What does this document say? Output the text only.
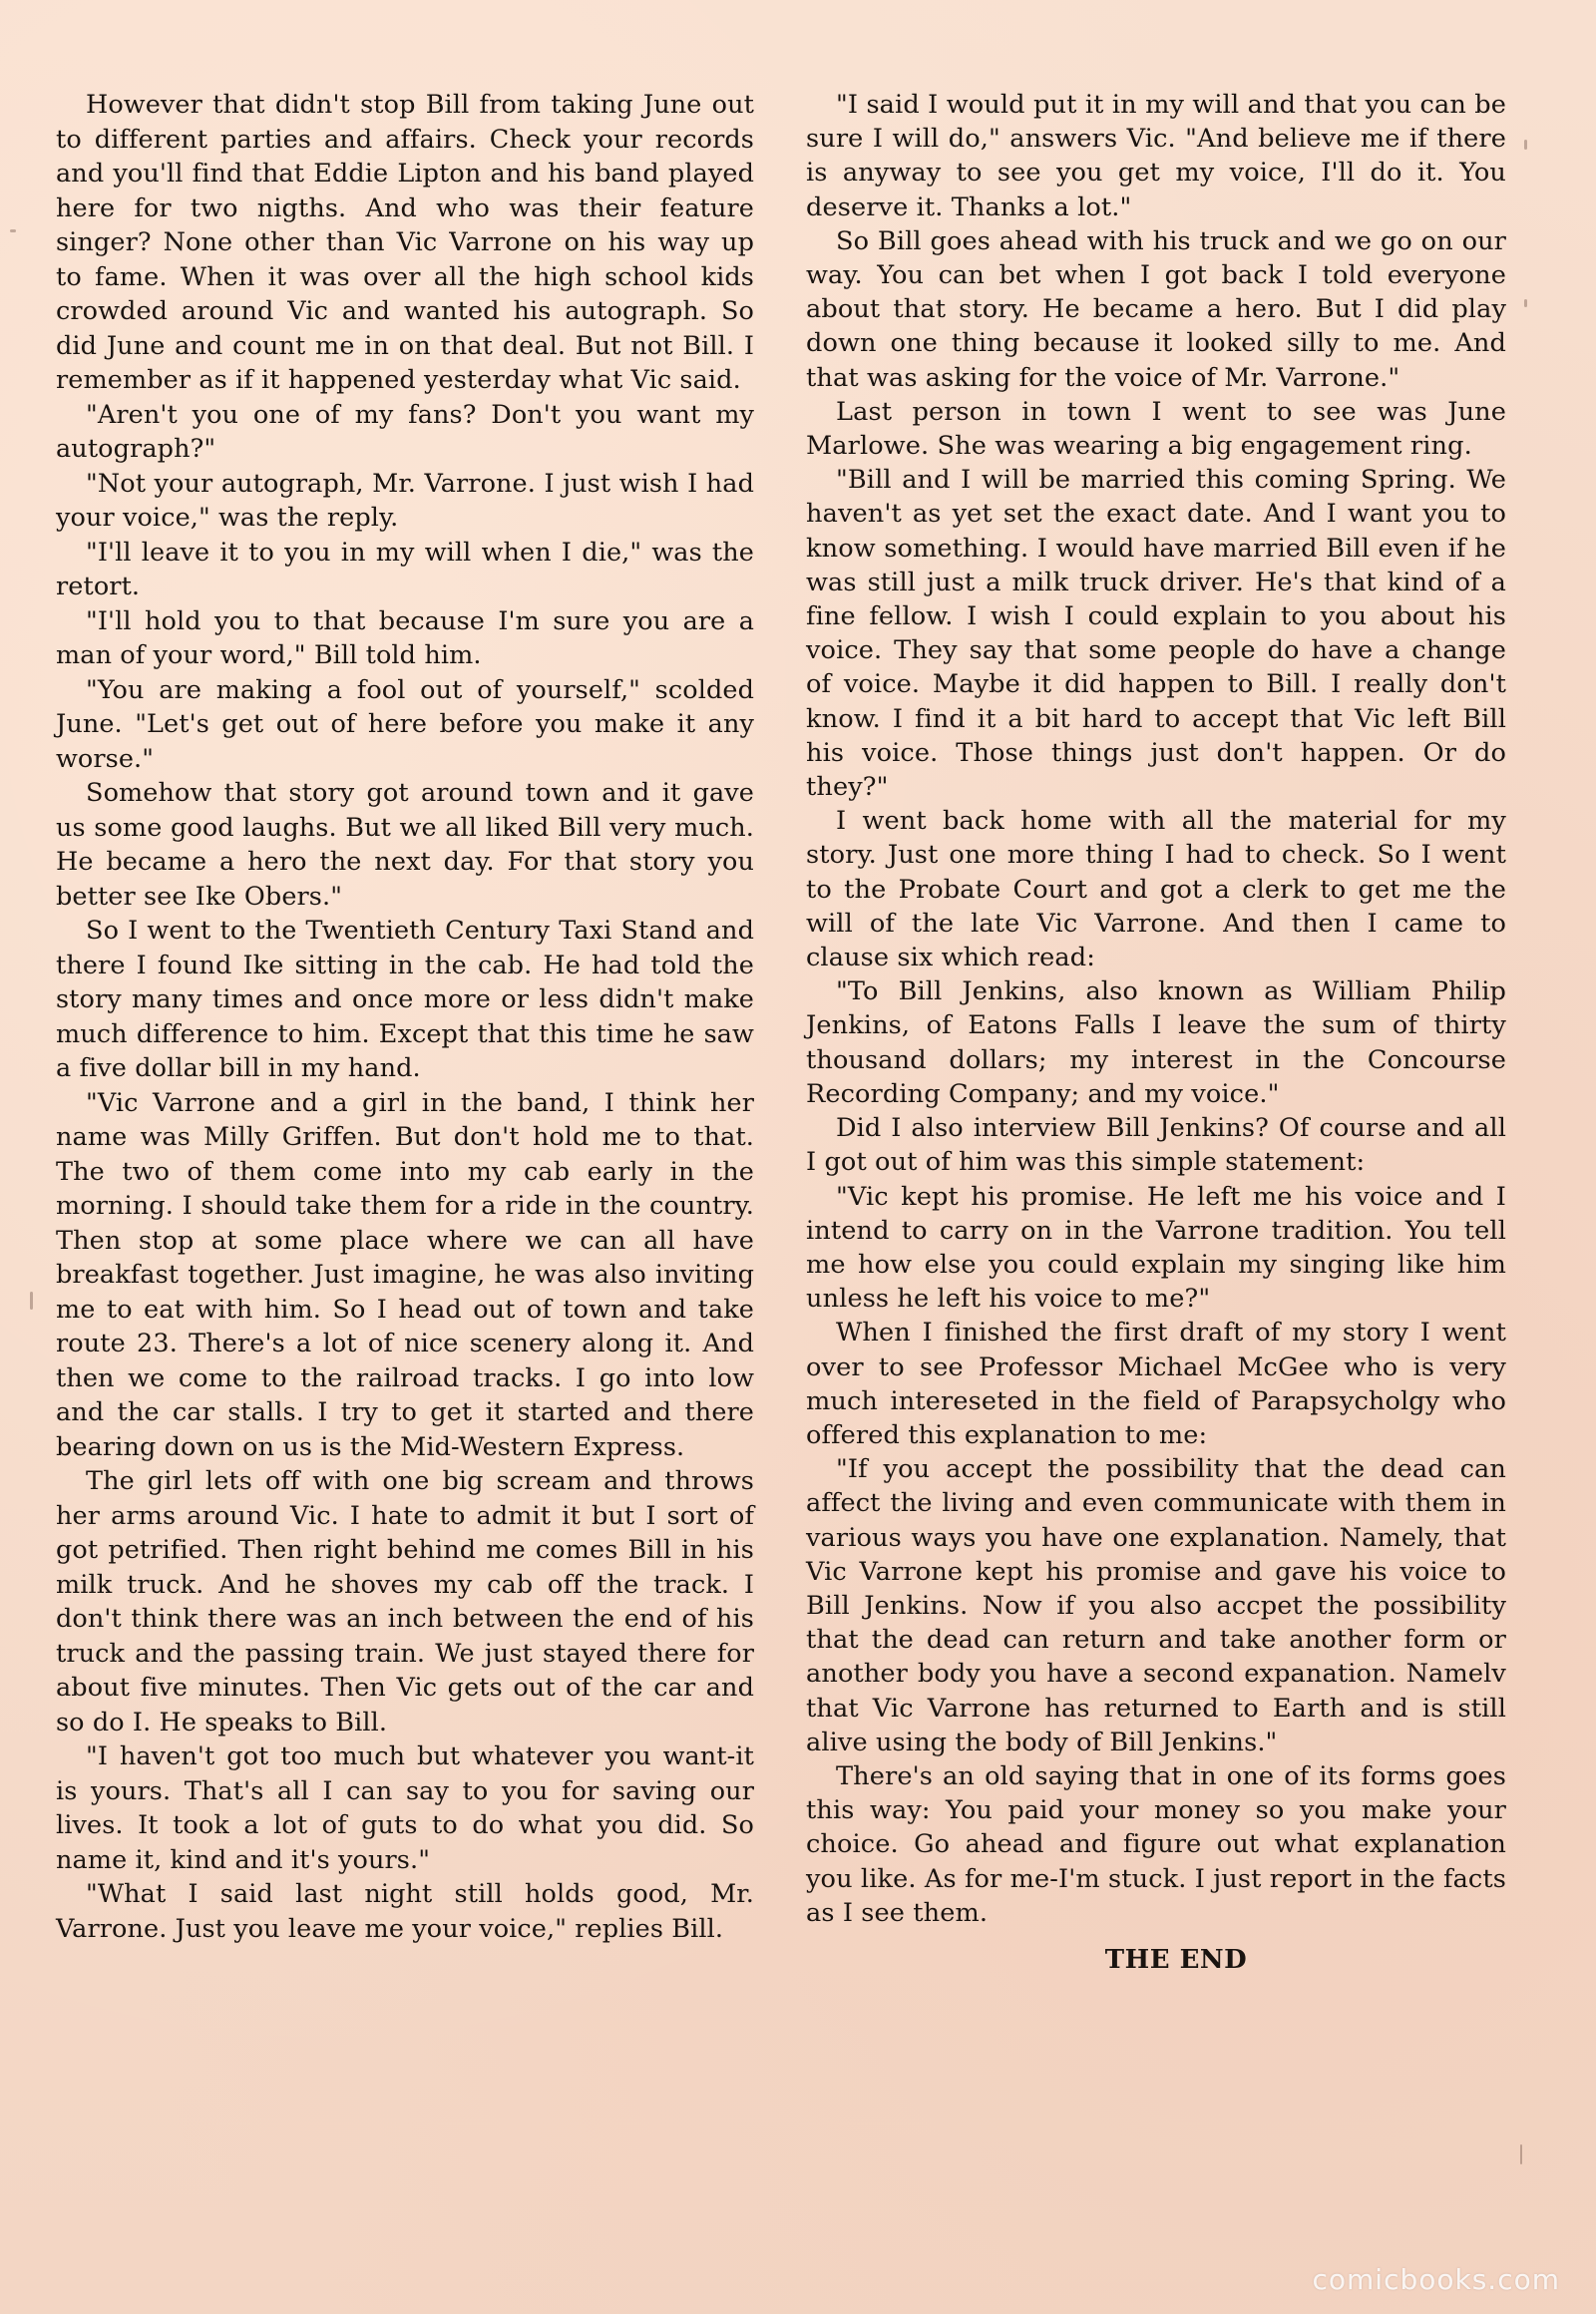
However that didn't stop Bill from taking June out to different parties and affairs. Check your records and you'll find that Eddie Lipton and his band played here for two nigths. And who was their feature singer? None other than Vic Varrone on his way up to fame. When it was over all the high school kids crowded around Vic and wanted his autograph. So did June and count me in on that deal. But not Bill. I remember as if it happened yesterday what Vic said.

"Aren't you one of my fans? Don't you want my autograph?"

"Not your autograph, Mr. Varrone. I just wish I had your voice," was the reply.

"I'll leave it to you in my will when I die," was the retort.

"I'll hold you to that because I'm sure you are a man of your word," Bill told him.

"You are making a fool out of yourself," scolded June. "Let's get out of here before you make it any worse."

Somehow that story got around town and it gave us some good laughs. But we all liked Bill very much. He became a hero the next day. For that story you better see Ike Obers."

So I went to the Twentieth Century Taxi Stand and there I found Ike sitting in the cab. He had told the story many times and once more or less didn't make much difference to him. Except that this time he saw a five dollar bill in my hand.

"Vic Varrone and a girl in the band, I think her name was Milly Griffen. But don't hold me to that. The two of them come into my cab early in the morning. I should take them for a ride in the country. Then stop at some place where we can all have breakfast together. Just imagine, he was also inviting me to eat with him. So I head out of town and take route 23. There's a lot of nice scenery along it. And then we come to the railroad tracks. I go into low and the car stalls. I try to get it started and there bearing down on us is the Mid-Western Express.

The girl lets off with one big scream and throws her arms around Vic. I hate to admit it but I sort of got petrified. Then right behind me comes Bill in his milk truck. And he shoves my cab off the track. I don't think there was an inch between the end of his truck and the passing train. We just stayed there for about five minutes. Then Vic gets out of the car and so do I. He speaks to Bill.

"I haven't got too much but whatever you want-it is yours. That's all I can say to you for saving our lives. It took a lot of guts to do what you did. So name it, kind and it's yours."

"What I said last night still holds good, Mr. Varrone. Just you leave me your voice," replies Bill.

"I said I would put it in my will and that you can be sure I will do," answers Vic. "And believe me if there is anyway to see you get my voice, I'll do it. You deserve it. Thanks a lot."

So Bill goes ahead with his truck and we go on our way. You can bet when I got back I told everyone about that story. He became a hero. But I did play down one thing because it looked silly to me. And that was asking for the voice of Mr. Varrone."

Last person in town I went to see was June Marlowe. She was wearing a big engagement ring.

"Bill and I will be married this coming Spring. We haven't as yet set the exact date. And I want you to know something. I would have married Bill even if he was still just a milk truck driver. He's that kind of a fine fellow. I wish I could explain to you about his voice. They say that some people do have a change of voice. Maybe it did happen to Bill. I really don't know. I find it a bit hard to accept that Vic left Bill his voice. Those things just don't happen. Or do they?"

I went back home with all the material for my story. Just one more thing I had to check. So I went to the Probate Court and got a clerk to get me the will of the late Vic Varrone. And then I came to clause six which read:

"To Bill Jenkins, also known as William Philip Jenkins, of Eatons Falls I leave the sum of thirty thousand dollars; my interest in the Concourse Recording Company; and my voice."

Did I also interview Bill Jenkins? Of course and all I got out of him was this simple statement:

"Vic kept his promise. He left me his voice and I intend to carry on in the Varrone tradition. You tell me how else you could explain my singing like him unless he left his voice to me?"

When I finished the first draft of my story I went over to see Professor Michael McGee who is very much intereseted in the field of Parapsycholgy who offered this explanation to me:

"If you accept the possibility that the dead can affect the living and even communicate with them in various ways you have one explanation. Namely, that Vic Varrone kept his promise and gave his voice to Bill Jenkins. Now if you also accpet the possibility that the dead can return and take another form or another body you have a second expanation. Namelv that Vic Varrone has returned to Earth and is still alive using the body of Bill Jenkins."

There's an old saying that in one of its forms goes this way: You paid your money so you make your choice. Go ahead and figure out what explanation you like. As for me-I'm stuck. I just report in the facts as I see them.

THE END
comicbooks.com
